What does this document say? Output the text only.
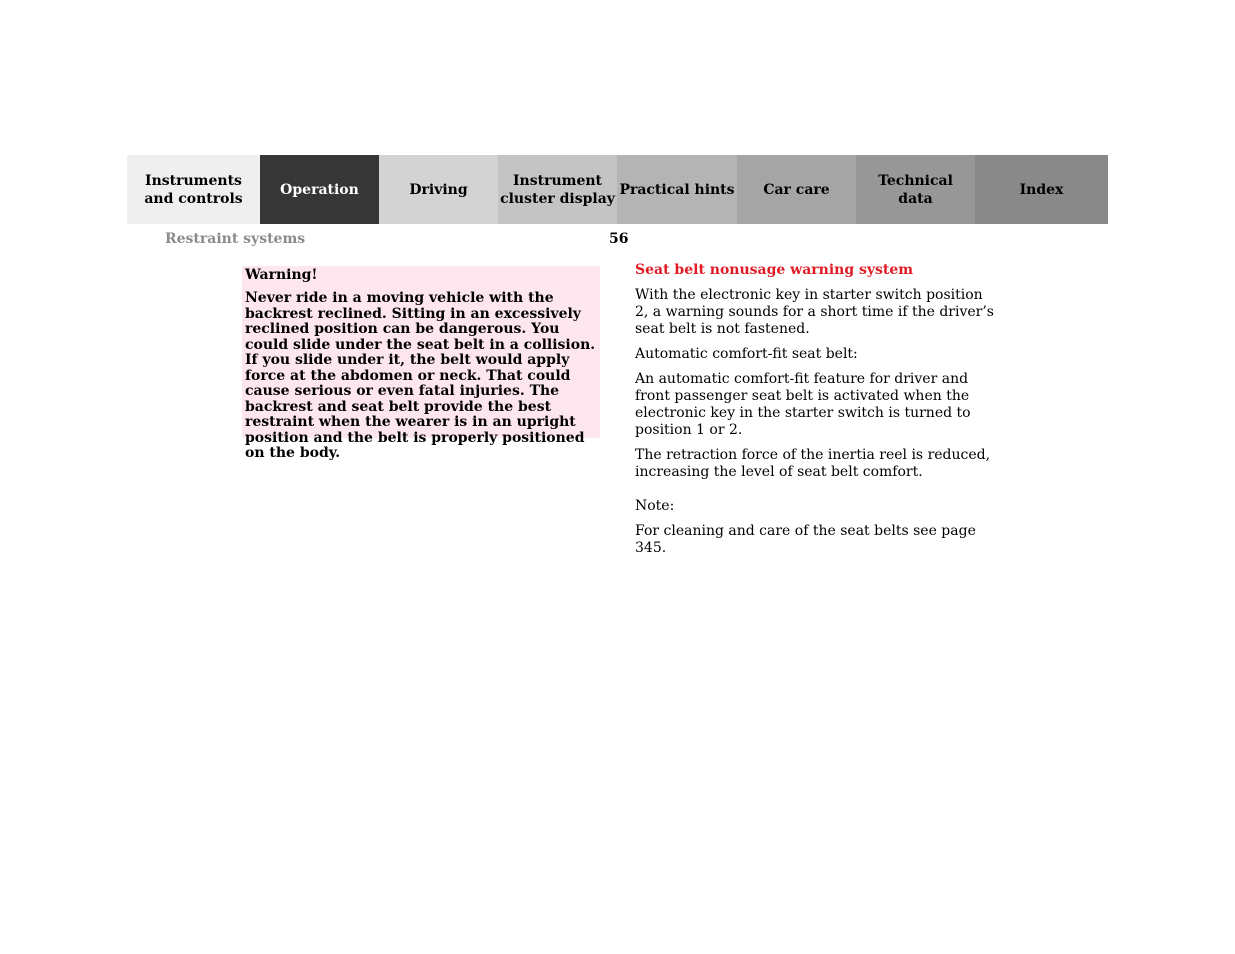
Instruments
and controls
Operation	Driving
Instrument
cluster display
Practical hints	Car care
Technical
data
Index
Restraint systems	56

Warning!

Never ride in a moving vehicle with the backrest reclined. Sitting in an excessively reclined position can be dangerous. You could slide under the seat belt in a collision. If you slide under it, the belt would apply force at the abdomen or neck. That could cause serious or even fatal injuries. The backrest and seat belt provide the best restraint when the wearer is in an upright position and the belt is properly positioned on the body.

Seat belt nonusage warning system

With the electronic key in starter switch position 2, a warning sounds for a short time if the driver’s seat belt is not fastened.

Automatic comfort-fit seat belt:

An automatic comfort-fit feature for driver and front passenger seat belt is activated when the electronic key in the starter switch is turned to position 1 or 2.

The retraction force of the inertia reel is reduced, increasing the level of seat belt comfort.

Note:

For cleaning and care of the seat belts see page 345.
